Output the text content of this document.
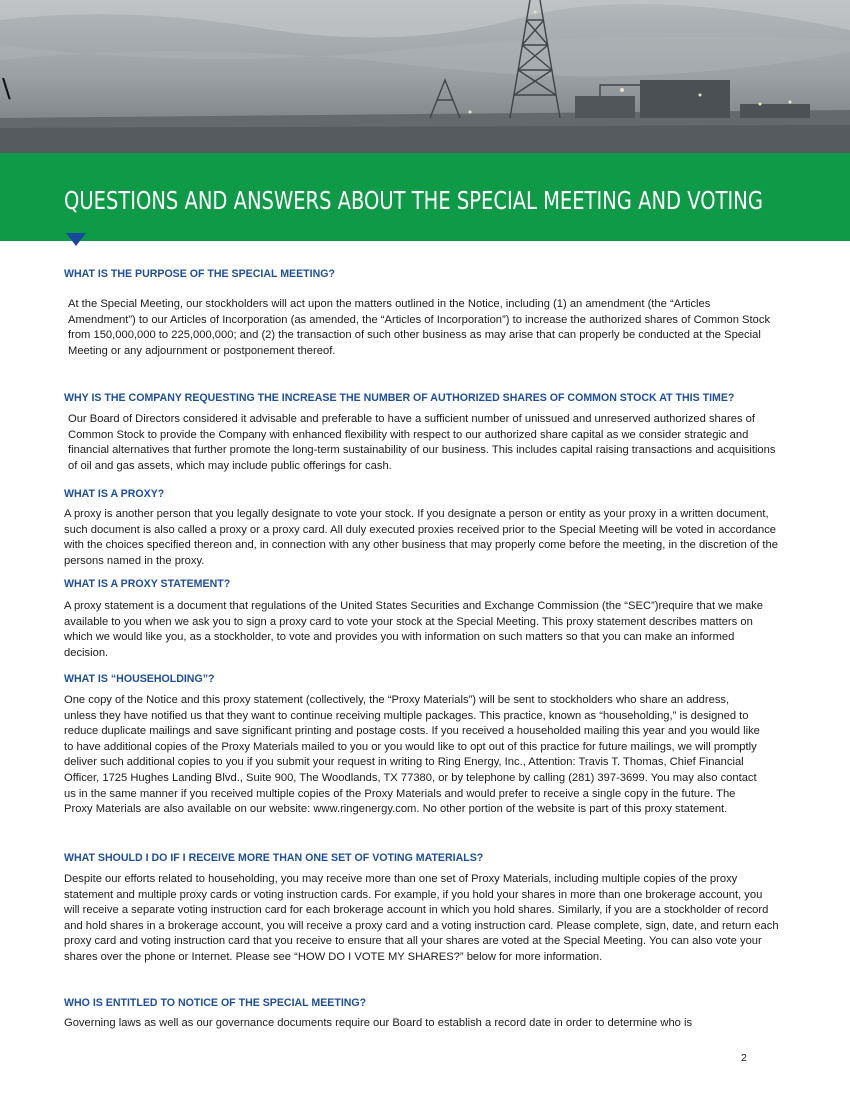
\
QUESTIONS AND ANSWERS ABOUT THE SPECIAL MEETING AND VOTING
WHAT IS THE PURPOSE OF THE SPECIAL MEETING?

At the Special Meeting, our stockholders will act upon the matters outlined in the Notice, including (1) an amendment (the “Articles Amendment”) to our Articles of Incorporation (as amended, the “Articles of Incorporation”) to increase the authorized shares of Common Stock from 150,000,000 to 225,000,000; and (2) the transaction of such other business as may arise that can properly be conducted at the Special Meeting or any adjournment or postponement thereof.

WHY IS THE COMPANY REQUESTING THE INCREASE THE NUMBER OF AUTHORIZED SHARES OF COMMON STOCK AT THIS TIME?

Our Board of Directors considered it advisable and preferable to have a sufficient number of unissued and unreserved authorized shares of Common Stock to provide the Company with enhanced flexibility with respect to our authorized share capital as we consider strategic and financial alternatives that further promote the long-term sustainability of our business. This includes capital raising transactions and acquisitions of oil and gas assets, which may include public offerings for cash.

WHAT IS A PROXY?

A proxy is another person that you legally designate to vote your stock. If you designate a person or entity as your proxy in a written document, such document is also called a proxy or a proxy card. All duly executed proxies received prior to the Special Meeting will be voted in accordance with the choices specified thereon and, in connection with any other business that may properly come before the meeting, in the discretion of the persons named in the proxy.

WHAT IS A PROXY STATEMENT?

A proxy statement is a document that regulations of the United States Securities and Exchange Commission (the “SEC”)require that we make available to you when we ask you to sign a proxy card to vote your stock at the Special Meeting. This proxy statement describes matters on which we would like you, as a stockholder, to vote and provides you with information on such matters so that you can make an informed decision.

WHAT IS “HOUSEHOLDING”?

One copy of the Notice and this proxy statement (collectively, the “Proxy Materials”) will be sent to stockholders who share an address, unless they have notified us that they want to continue receiving multiple packages. This practice, known as “householding,” is designed to reduce duplicate mailings and save significant printing and postage costs. If you received a householded mailing this year and you would like to have additional copies of the Proxy Materials mailed to you or you would like to opt out of this practice for future mailings, we will promptly deliver such additional copies to you if you submit your request in writing to Ring Energy, Inc., Attention: Travis T. Thomas, Chief Financial Officer, 1725 Hughes Landing Blvd., Suite 900, The Woodlands, TX 77380, or by telephone by calling (281) 397-3699. You may also contact us in the same manner if you received multiple copies of the Proxy Materials and would prefer to receive a single copy in the future. The Proxy Materials are also available on our website: www.ringenergy.com. No other portion of the website is part of this proxy statement.

WHAT SHOULD I DO IF I RECEIVE MORE THAN ONE SET OF VOTING MATERIALS?

Despite our efforts related to householding, you may receive more than one set of Proxy Materials, including multiple copies of the proxy statement and multiple proxy cards or voting instruction cards. For example, if you hold your shares in more than one brokerage account, you will receive a separate voting instruction card for each brokerage account in which you hold shares. Similarly, if you are a stockholder of record and hold shares in a brokerage account, you will receive a proxy card and a voting instruction card. Please complete, sign, date, and return each proxy card and voting instruction card that you receive to ensure that all your shares are voted at the Special Meeting. You can also vote your shares over the phone or Internet. Please see “HOW DO I VOTE MY SHARES?” below for more information.

WHO IS ENTITLED TO NOTICE OF THE SPECIAL MEETING?

Governing laws as well as our governance documents require our Board to establish a record date in order to determine who is

2
